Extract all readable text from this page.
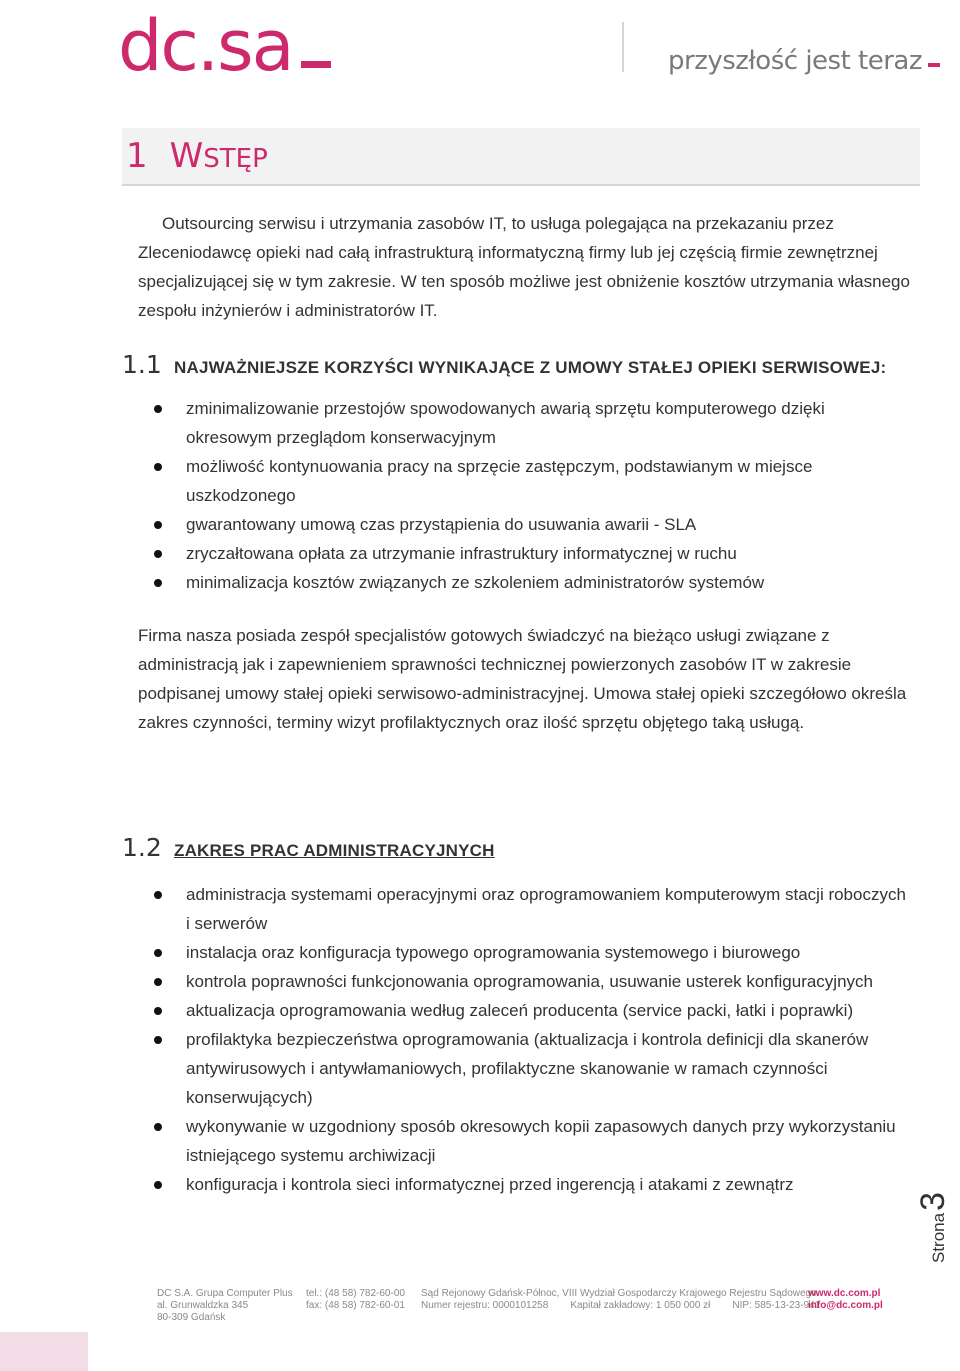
dc.sa	przyszłość jest teraz
1 WSTĘP

Outsourcing serwisu i utrzymania zasobów IT, to usługa polegająca na przekazaniu przez Zleceniodawcę opieki nad całą infrastrukturą informatyczną firmy lub jej częścią firmie zewnętrznej specjalizującej się w tym zakresie. W ten sposób możliwe jest obniżenie kosztów utrzymania własnego zespołu inżynierów i administratorów IT.

1.1 NAJWAŻNIEJSZE KORZYŚCI WYNIKAJĄCE Z UMOWY STAŁEJ OPIEKI SERWISOWEJ:
zminimalizowanie przestojów spowodowanych awarią sprzętu komputerowego dzięki okresowym przeglądom konserwacyjnym
możliwość kontynuowania pracy na sprzęcie zastępczym, podstawianym w miejsce uszkodzonego
gwarantowany umową czas przystąpienia do usuwania awarii - SLA
zryczałtowana opłata za utrzymanie infrastruktury informatycznej w ruchu
minimalizacja kosztów związanych ze szkoleniem administratorów systemów

Firma nasza posiada zespół specjalistów gotowych świadczyć na bieżąco usługi związane z administracją jak i zapewnieniem sprawności technicznej powierzonych zasobów IT w zakresie podpisanej umowy stałej opieki serwisowo-administracyjnej. Umowa stałej opieki szczegółowo określa zakres czynności, terminy wizyt profilaktycznych oraz ilość sprzętu objętego taką usługą.

1.2 ZAKRES PRAC ADMINISTRACYJNYCH
administracja systemami operacyjnymi oraz oprogramowaniem komputerowym stacji roboczych i serwerów
instalacja oraz konfiguracja typowego oprogramowania systemowego i biurowego
kontrola poprawności funkcjonowania oprogramowania, usuwanie usterek konfiguracyjnych
aktualizacja oprogramowania według zaleceń producenta (service packi, łatki i poprawki)
profilaktyka bezpieczeństwa oprogramowania (aktualizacja i kontrola definicji dla skanerów antywirusowych i antywłamaniowych, profilaktyczne skanowanie w ramach czynności konserwujących)
wykonywanie w uzgodniony sposób okresowych kopii zapasowych danych przy wykorzystaniu istniejącego systemu archiwizacji
konfiguracja i kontrola sieci informatycznej przed ingerencją i atakami z zewnątrz
Strona
3
DC S.A. Grupa Computer Plus
al. Grunwaldzka 345
80-309 Gdańsk
tel.: (48 58) 782-60-00
fax: (48 58) 782-60-01
Sąd Rejonowy Gdańsk-Północ, VIII Wydział Gospodarczy Krajowego Rejestru Sądowego
Numer rejestru: 0000101258 Kapitał zakładowy: 1 050 000 zł NIP: 585-13-23-941
www.dc.com.pl
info@dc.com.pl
